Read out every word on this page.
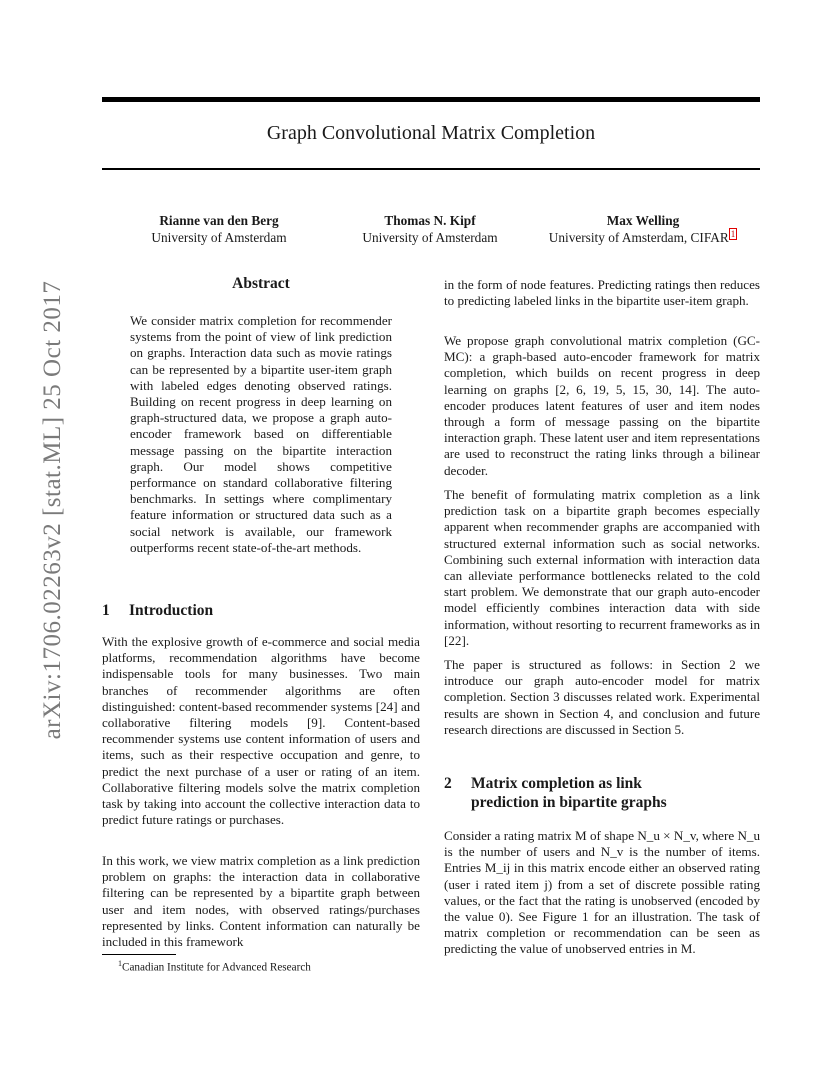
arXiv:1706.02263v2 [stat.ML] 25 Oct 2017
Graph Convolutional Matrix Completion
Rianne van den Berg
University of Amsterdam
Thomas N. Kipf
University of Amsterdam
Max Welling
University of Amsterdam, CIFAR $^1$
Abstract

We consider matrix completion for recommender systems from the point of view of link prediction on graphs. Interaction data such as movie ratings can be represented by a bipartite user-item graph with labeled edges denoting observed ratings. Building on recent progress in deep learning on graph-structured data, we propose a graph auto-encoder framework based on differentiable message passing on the bipartite interaction graph. Our model shows competitive performance on standard collaborative filtering benchmarks. In settings where complimentary feature information or structured data such as a social network is available, our framework outperforms recent state-of-the-art methods.

1 Introduction

With the explosive growth of e-commerce and social media platforms, recommendation algorithms have become indispensable tools for many businesses. Two main branches of recommender algorithms are often distinguished: content-based recommender systems [24] and collaborative filtering models [9]. Content-based recommender systems use content information of users and items, such as their respective occupation and genre, to predict the next purchase of a user or rating of an item. Collaborative filtering models solve the matrix completion task by taking into account the collective interaction data to predict future ratings or purchases.

In this work, we view matrix completion as a link prediction problem on graphs: the interaction data in collaborative filtering can be represented by a bipartite graph between user and item nodes, with observed ratings/purchases represented by links. Content information can naturally be included in this framework

$^1$Canadian Institute for Advanced Research

in the form of node features. Predicting ratings then reduces to predicting labeled links in the bipartite user-item graph.

We propose graph convolutional matrix completion (GC-MC): a graph-based auto-encoder framework for matrix completion, which builds on recent progress in deep learning on graphs [2, 6, 19, 5, 15, 30, 14]. The auto-encoder produces latent features of user and item nodes through a form of message passing on the bipartite interaction graph. These latent user and item representations are used to reconstruct the rating links through a bilinear decoder.

The benefit of formulating matrix completion as a link prediction task on a bipartite graph becomes especially apparent when recommender graphs are accompanied with structured external information such as social networks. Combining such external information with interaction data can alleviate performance bottlenecks related to the cold start problem. We demonstrate that our graph auto-encoder model efficiently combines interaction data with side information, without resorting to recurrent frameworks as in [22].

The paper is structured as follows: in Section 2 we introduce our graph auto-encoder model for matrix completion. Section 3 discusses related work. Experimental results are shown in Section 4, and conclusion and future research directions are discussed in Section 5.

2 Matrix completion as link
prediction in bipartite graphs

Consider a rating matrix M of shape N_u × N_v, where N_u is the number of users and N_v is the number of items. Entries M_ij in this matrix encode either an observed rating (user i rated item j) from a set of discrete possible rating values, or the fact that the rating is unobserved (encoded by the value 0). See Figure 1 for an illustration. The task of matrix completion or recommendation can be seen as predicting the value of unobserved entries in M.
